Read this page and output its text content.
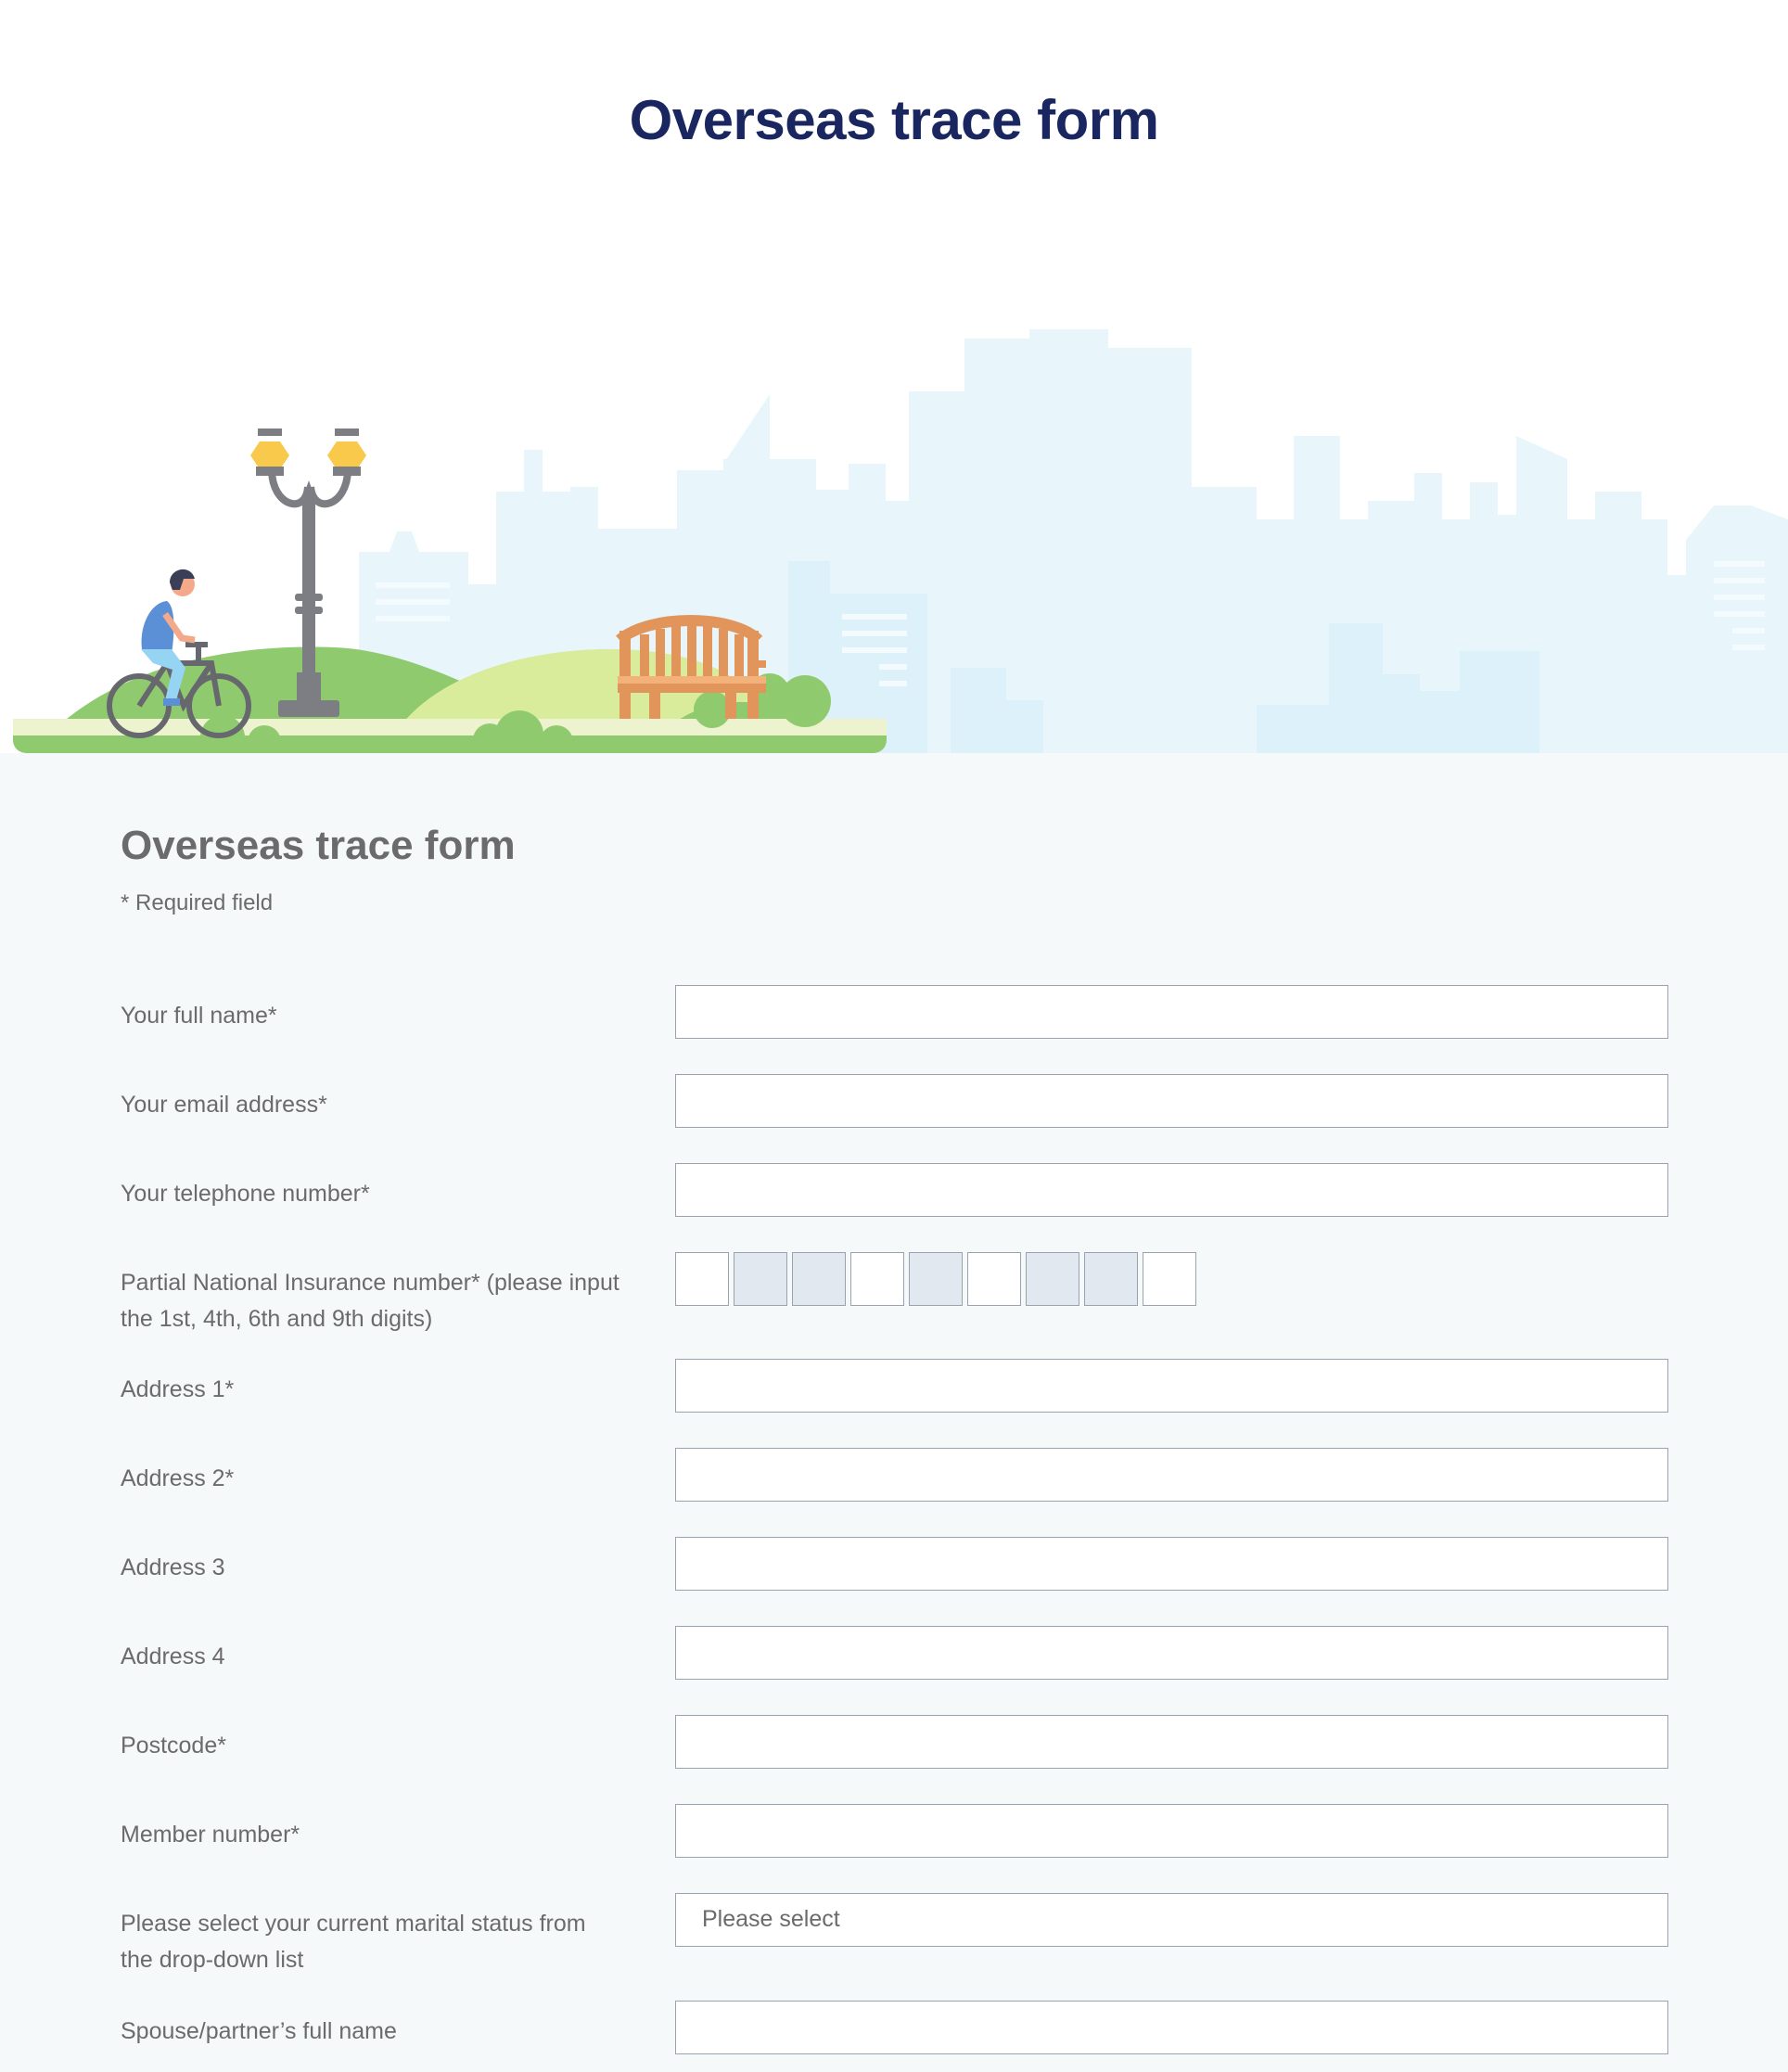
Overseas trace form
Overseas trace form
* Required field
Your full name*
Your email address*
Your telephone number*
Partial National Insurance number* (please input the 1st, 4th, 6th and 9th digits)
Address 1*
Address 2*
Address 3
Address 4
Postcode*
Member number*
Please select your current marital status from the drop-down list
Please select
Spouse/partner’s full name
